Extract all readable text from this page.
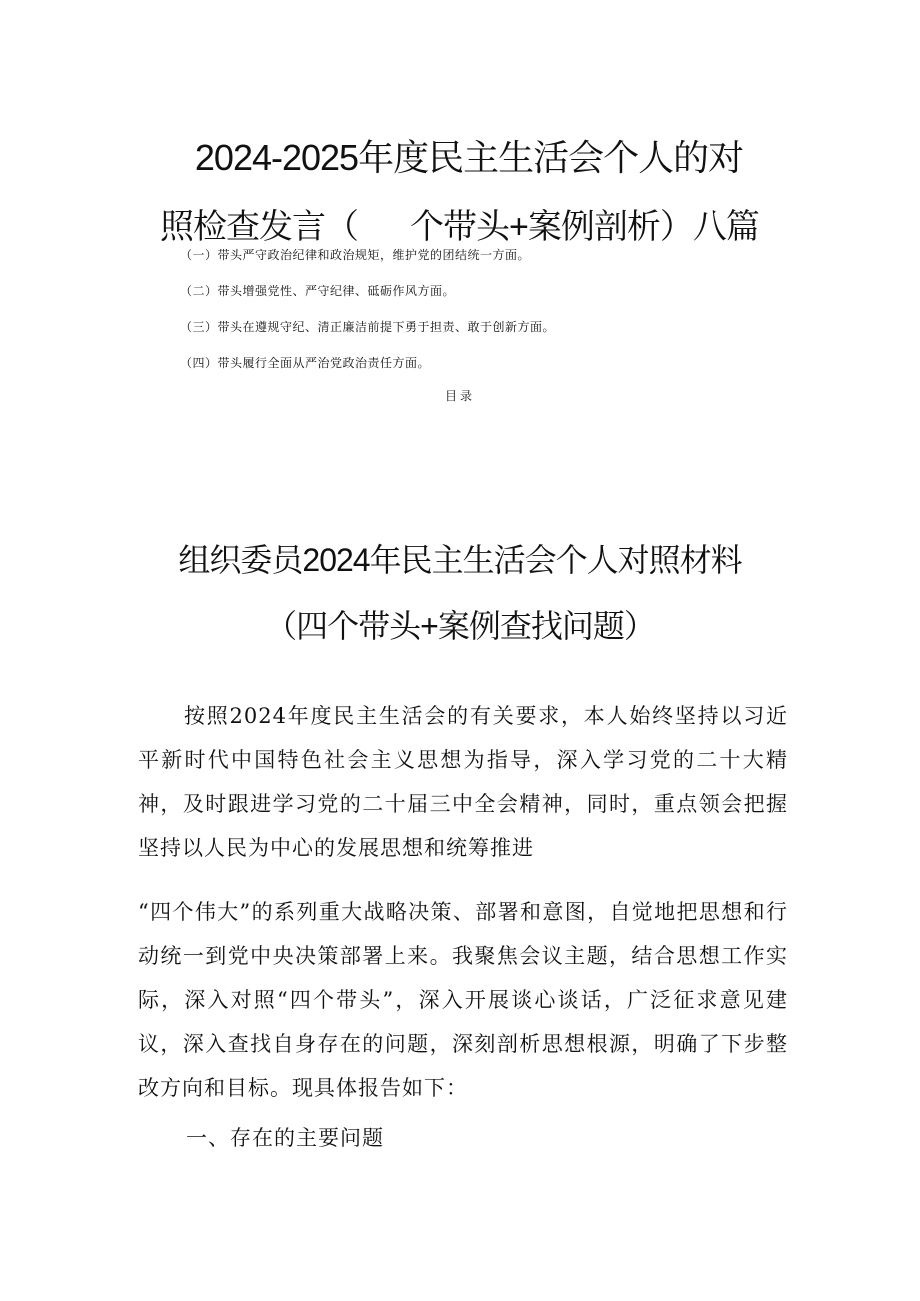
2024-2025年度民主生活会个人的对
照检查发言（ 个带头+案例剖析）八篇
（一）带头严守政治纪律和政治规矩，维护党的团结统一方面。
（二）带头增强党性、严守纪律、砥砺作风方面。
（三）带头在遵规守纪、清正廉洁前提下勇于担责、敢于创新方面。
（四）带头履行全面从严治党政治责任方面。
目录
组织委员2024年民主生活会个人对照材料
（四个带头+案例查找问题）
按照2024年度民主生活会的有关要求，本人始终坚持以习近平新时代中国特色社会主义思想为指导，深入学习党的二十大精神，及时跟进学习党的二十届三中全会精神，同时，重点领会把握坚持以人民为中心的发展思想和统筹推进
“四个伟大”的系列重大战略决策、部署和意图，自觉地把思想和行动统一到党中央决策部署上来。我聚焦会议主题，结合思想工作实际，深入对照“四个带头”，深入开展谈心谈话，广泛征求意见建议，深入查找自身存在的问题，深刻剖析思想根源，明确了下步整改方向和目标。现具体报告如下：
一、存在的主要问题
